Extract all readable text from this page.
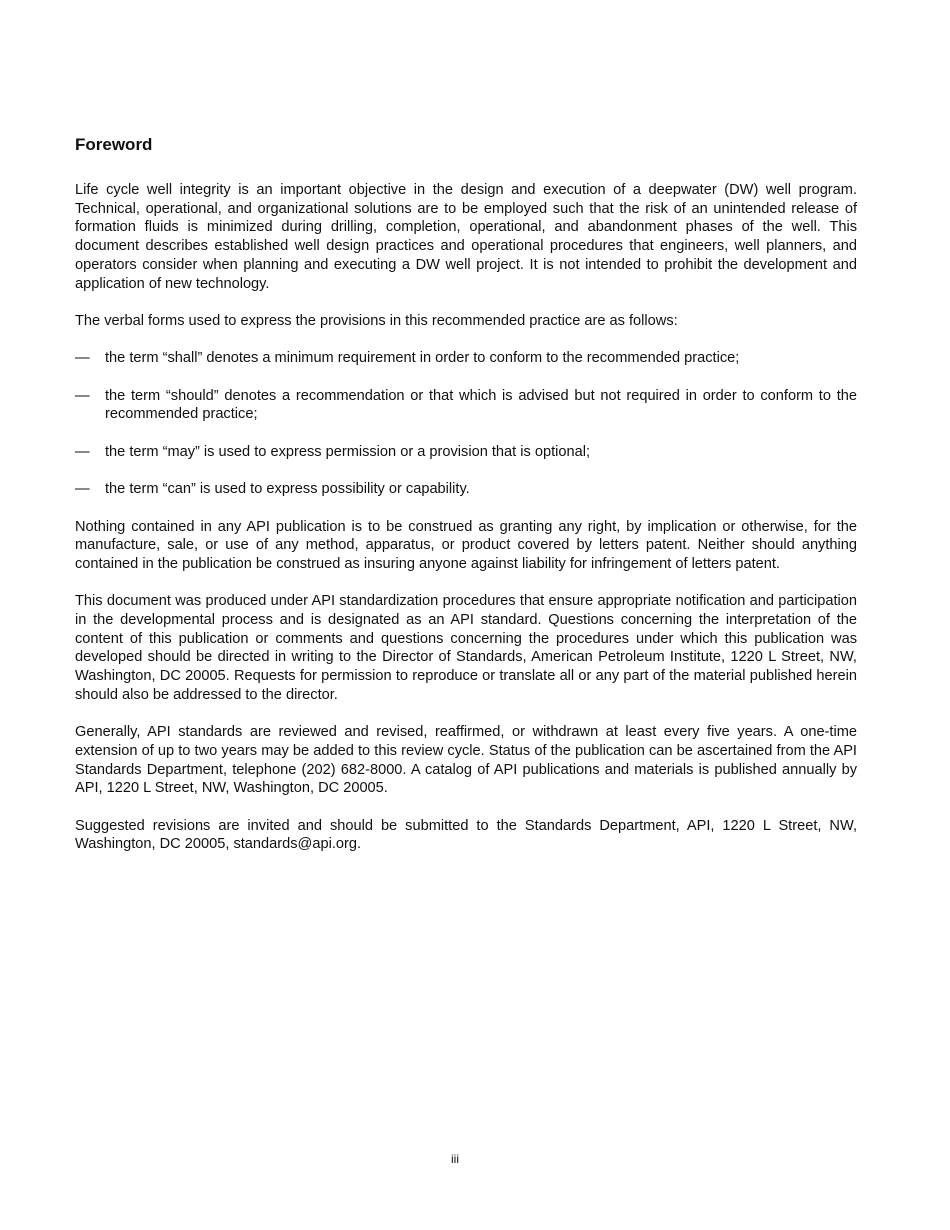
Foreword

Life cycle well integrity is an important objective in the design and execution of a deepwater (DW) well program. Technical, operational, and organizational solutions are to be employed such that the risk of an unintended release of formation fluids is minimized during drilling, completion, operational, and abandonment phases of the well. This document describes established well design practices and operational procedures that engineers, well planners, and operators consider when planning and executing a DW well project. It is not intended to prohibit the development and application of new technology.

The verbal forms used to express the provisions in this recommended practice are as follows:

—	the term “shall” denotes a minimum requirement in order to conform to the recommended practice;
—	the term “should” denotes a recommendation or that which is advised but not required in order to conform to the recommended practice;
—	the term “may” is used to express permission or a provision that is optional;
—	the term “can” is used to express possibility or capability.

Nothing contained in any API publication is to be construed as granting any right, by implication or otherwise, for the manufacture, sale, or use of any method, apparatus, or product covered by letters patent. Neither should anything contained in the publication be construed as insuring anyone against liability for infringement of letters patent.

This document was produced under API standardization procedures that ensure appropriate notification and participation in the developmental process and is designated as an API standard. Questions concerning the interpretation of the content of this publication or comments and questions concerning the procedures under which this publication was developed should be directed in writing to the Director of Standards, American Petroleum Institute, 1220 L Street, NW, Washington, DC 20005. Requests for permission to reproduce or translate all or any part of the material published herein should also be addressed to the director.

Generally, API standards are reviewed and revised, reaffirmed, or withdrawn at least every five years. A one-time extension of up to two years may be added to this review cycle. Status of the publication can be ascertained from the API Standards Department, telephone (202) 682-8000. A catalog of API publications and materials is published annually by API, 1220 L Street, NW, Washington, DC 20005.

Suggested revisions are invited and should be submitted to the Standards Department, API, 1220 L Street, NW, Washington, DC 20005, standards@api.org.

iii
